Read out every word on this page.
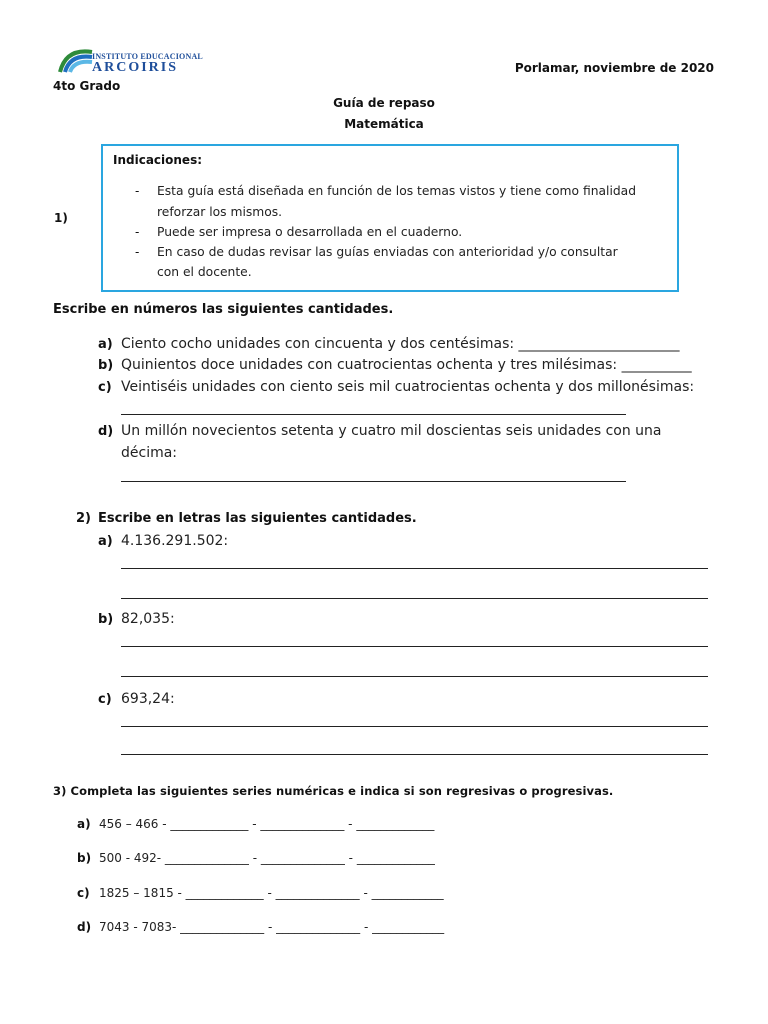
INSTITUTO EDUCACIONAL
ARCOIRIS	Porlamar, noviembre de 2020
4to Grado
Guía de repaso
Matemática
Indicaciones:
- Esta guía está diseñada en función de los temas vistos y tiene como finalidad
reforzar los mismos.
- Puede ser impresa o desarrollada en el cuaderno.
- En caso de dudas revisar las guías enviadas con anterioridad y/o consultar
con el docente.
1)
Escribe en números las siguientes cantidades.
a) Ciento cocho unidades con cincuenta y dos centésimas: _______________________
b) Quinientos doce unidades con cuatrocientas ochenta y tres milésimas: __________
c) Veintiséis unidades con ciento seis mil cuatrocientas ochenta y dos millonésimas:
d) Un millón novecientos setenta y cuatro mil doscientas seis unidades con una
décima:
2) Escribe en letras las siguientes cantidades.
a) 4.136.291.502:
b) 82,035:
c) 693,24:
3) Completa las siguientes series numéricas e indica si son regresivas o progresivas.
a) 456 – 466 - _____________ - ______________ - _____________
b) 500 - 492- ______________ - ______________ - _____________
c) 1825 – 1815 - _____________ - ______________ - ____________
d) 7043 - 7083- ______________ - ______________ - ____________
